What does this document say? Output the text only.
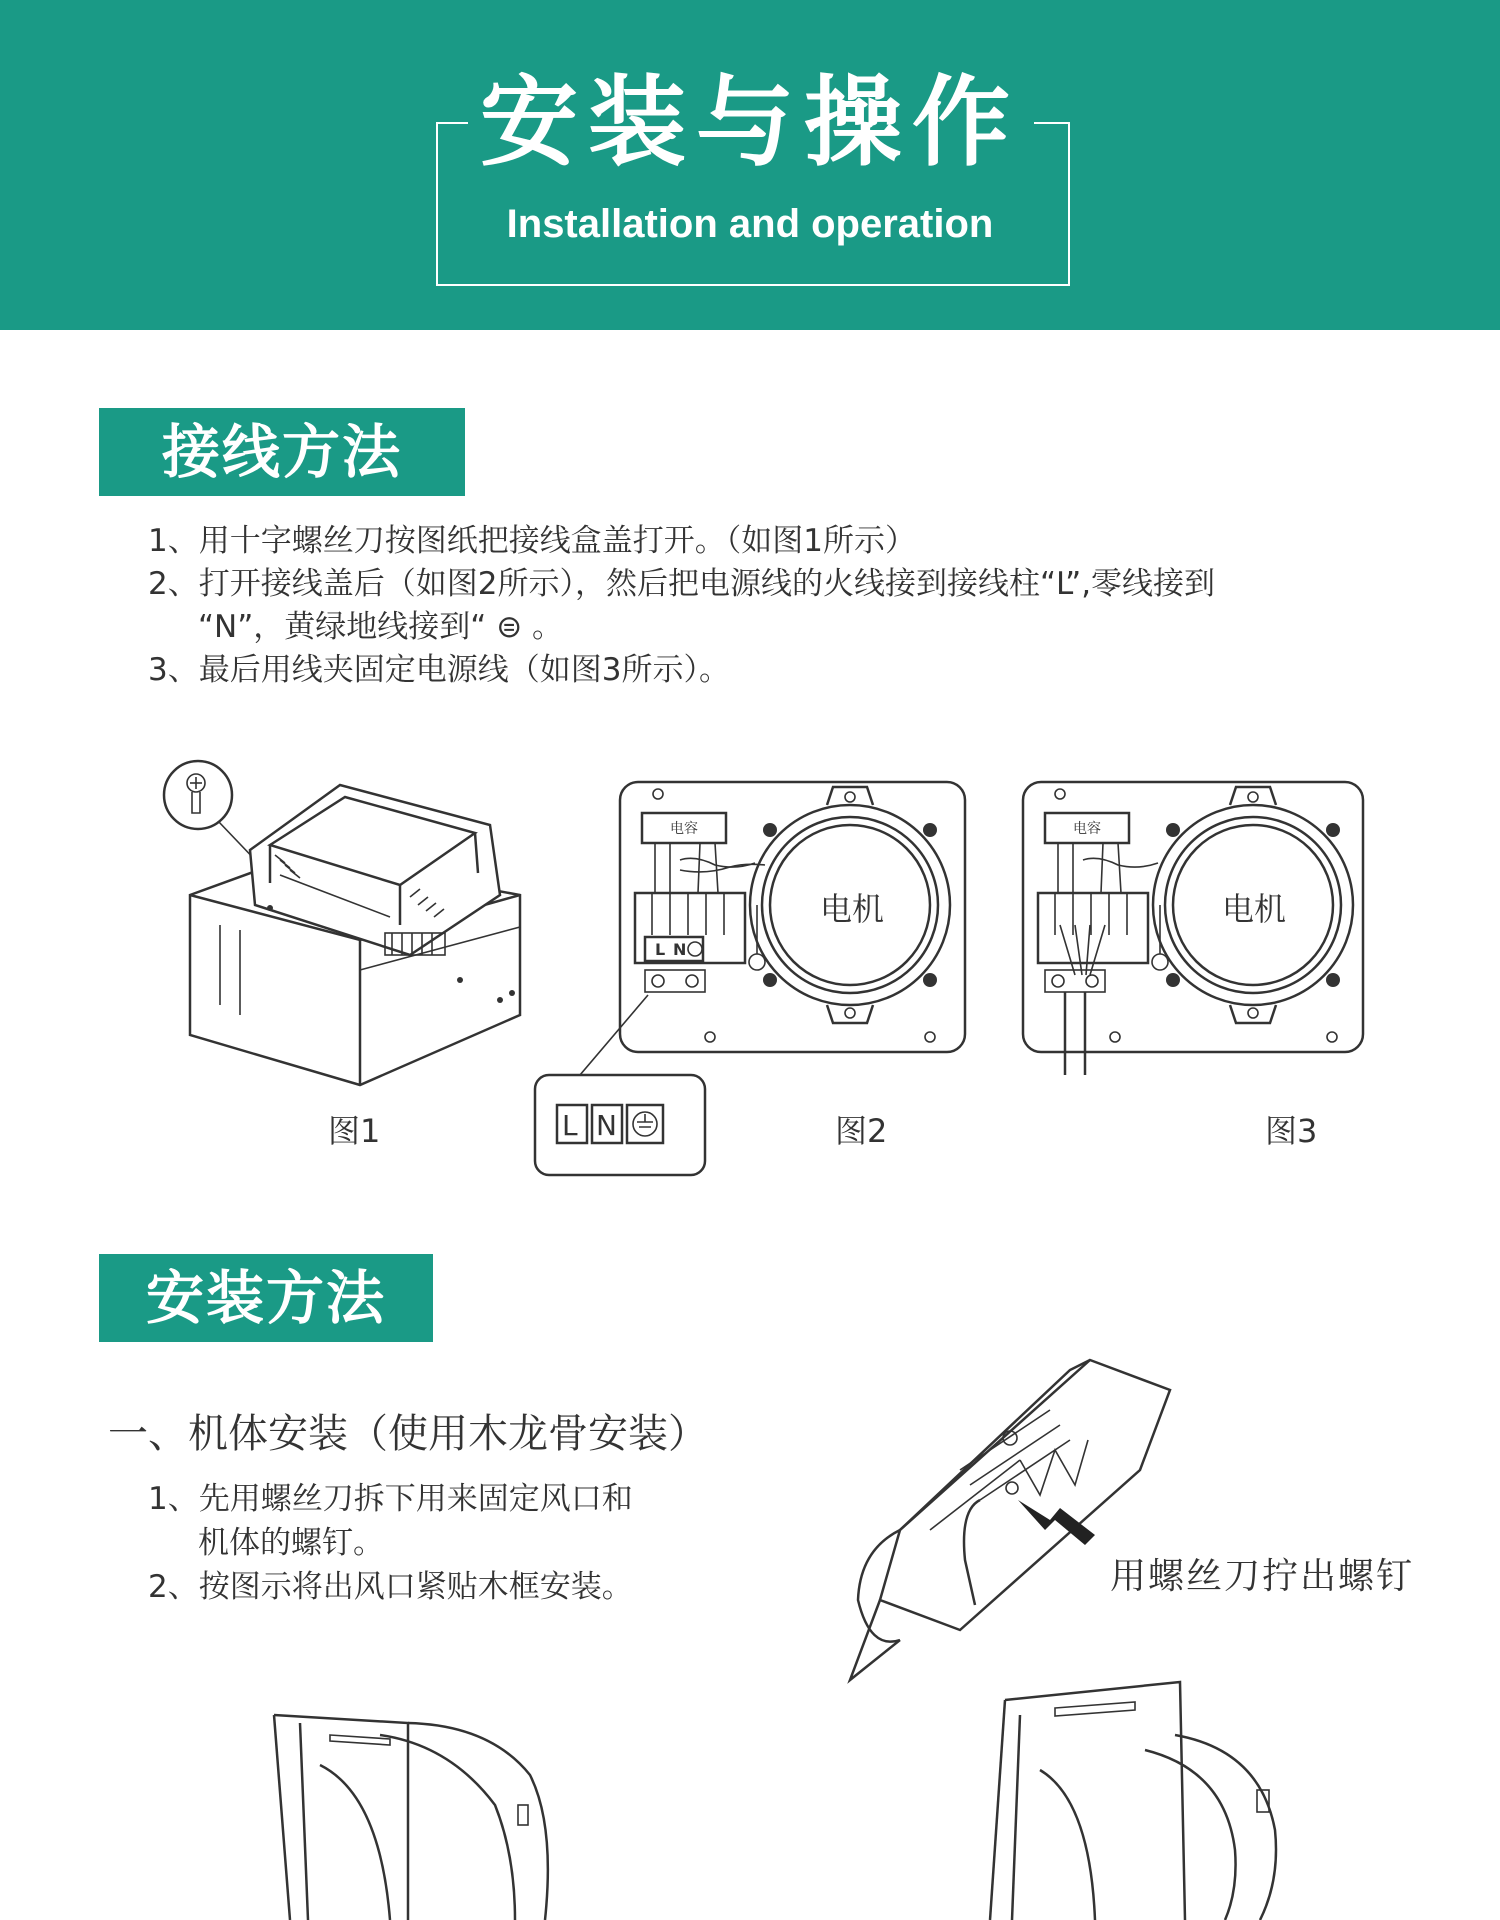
安装与操作
Installation and operation
接线方法
1、用十字螺丝刀按图纸把接线盒盖打开。（如图1所示）
2、打开接线盖后（如图2所示），然后把电源线的火线接到接线柱“L”,零线接到
“N”，黄绿地线接到“ ⊜ 。
3、最后用线夹固定电源线（如图3所示）。
电容
L N
L N
电机
电容
电机
图1	图2	图3
安装方法
一、机体安装（使用木龙骨安装）
1、先用螺丝刀拆下用来固定风口和
机体的螺钉。
2、按图示将出风口紧贴木框安装。	用螺丝刀拧出螺钉
